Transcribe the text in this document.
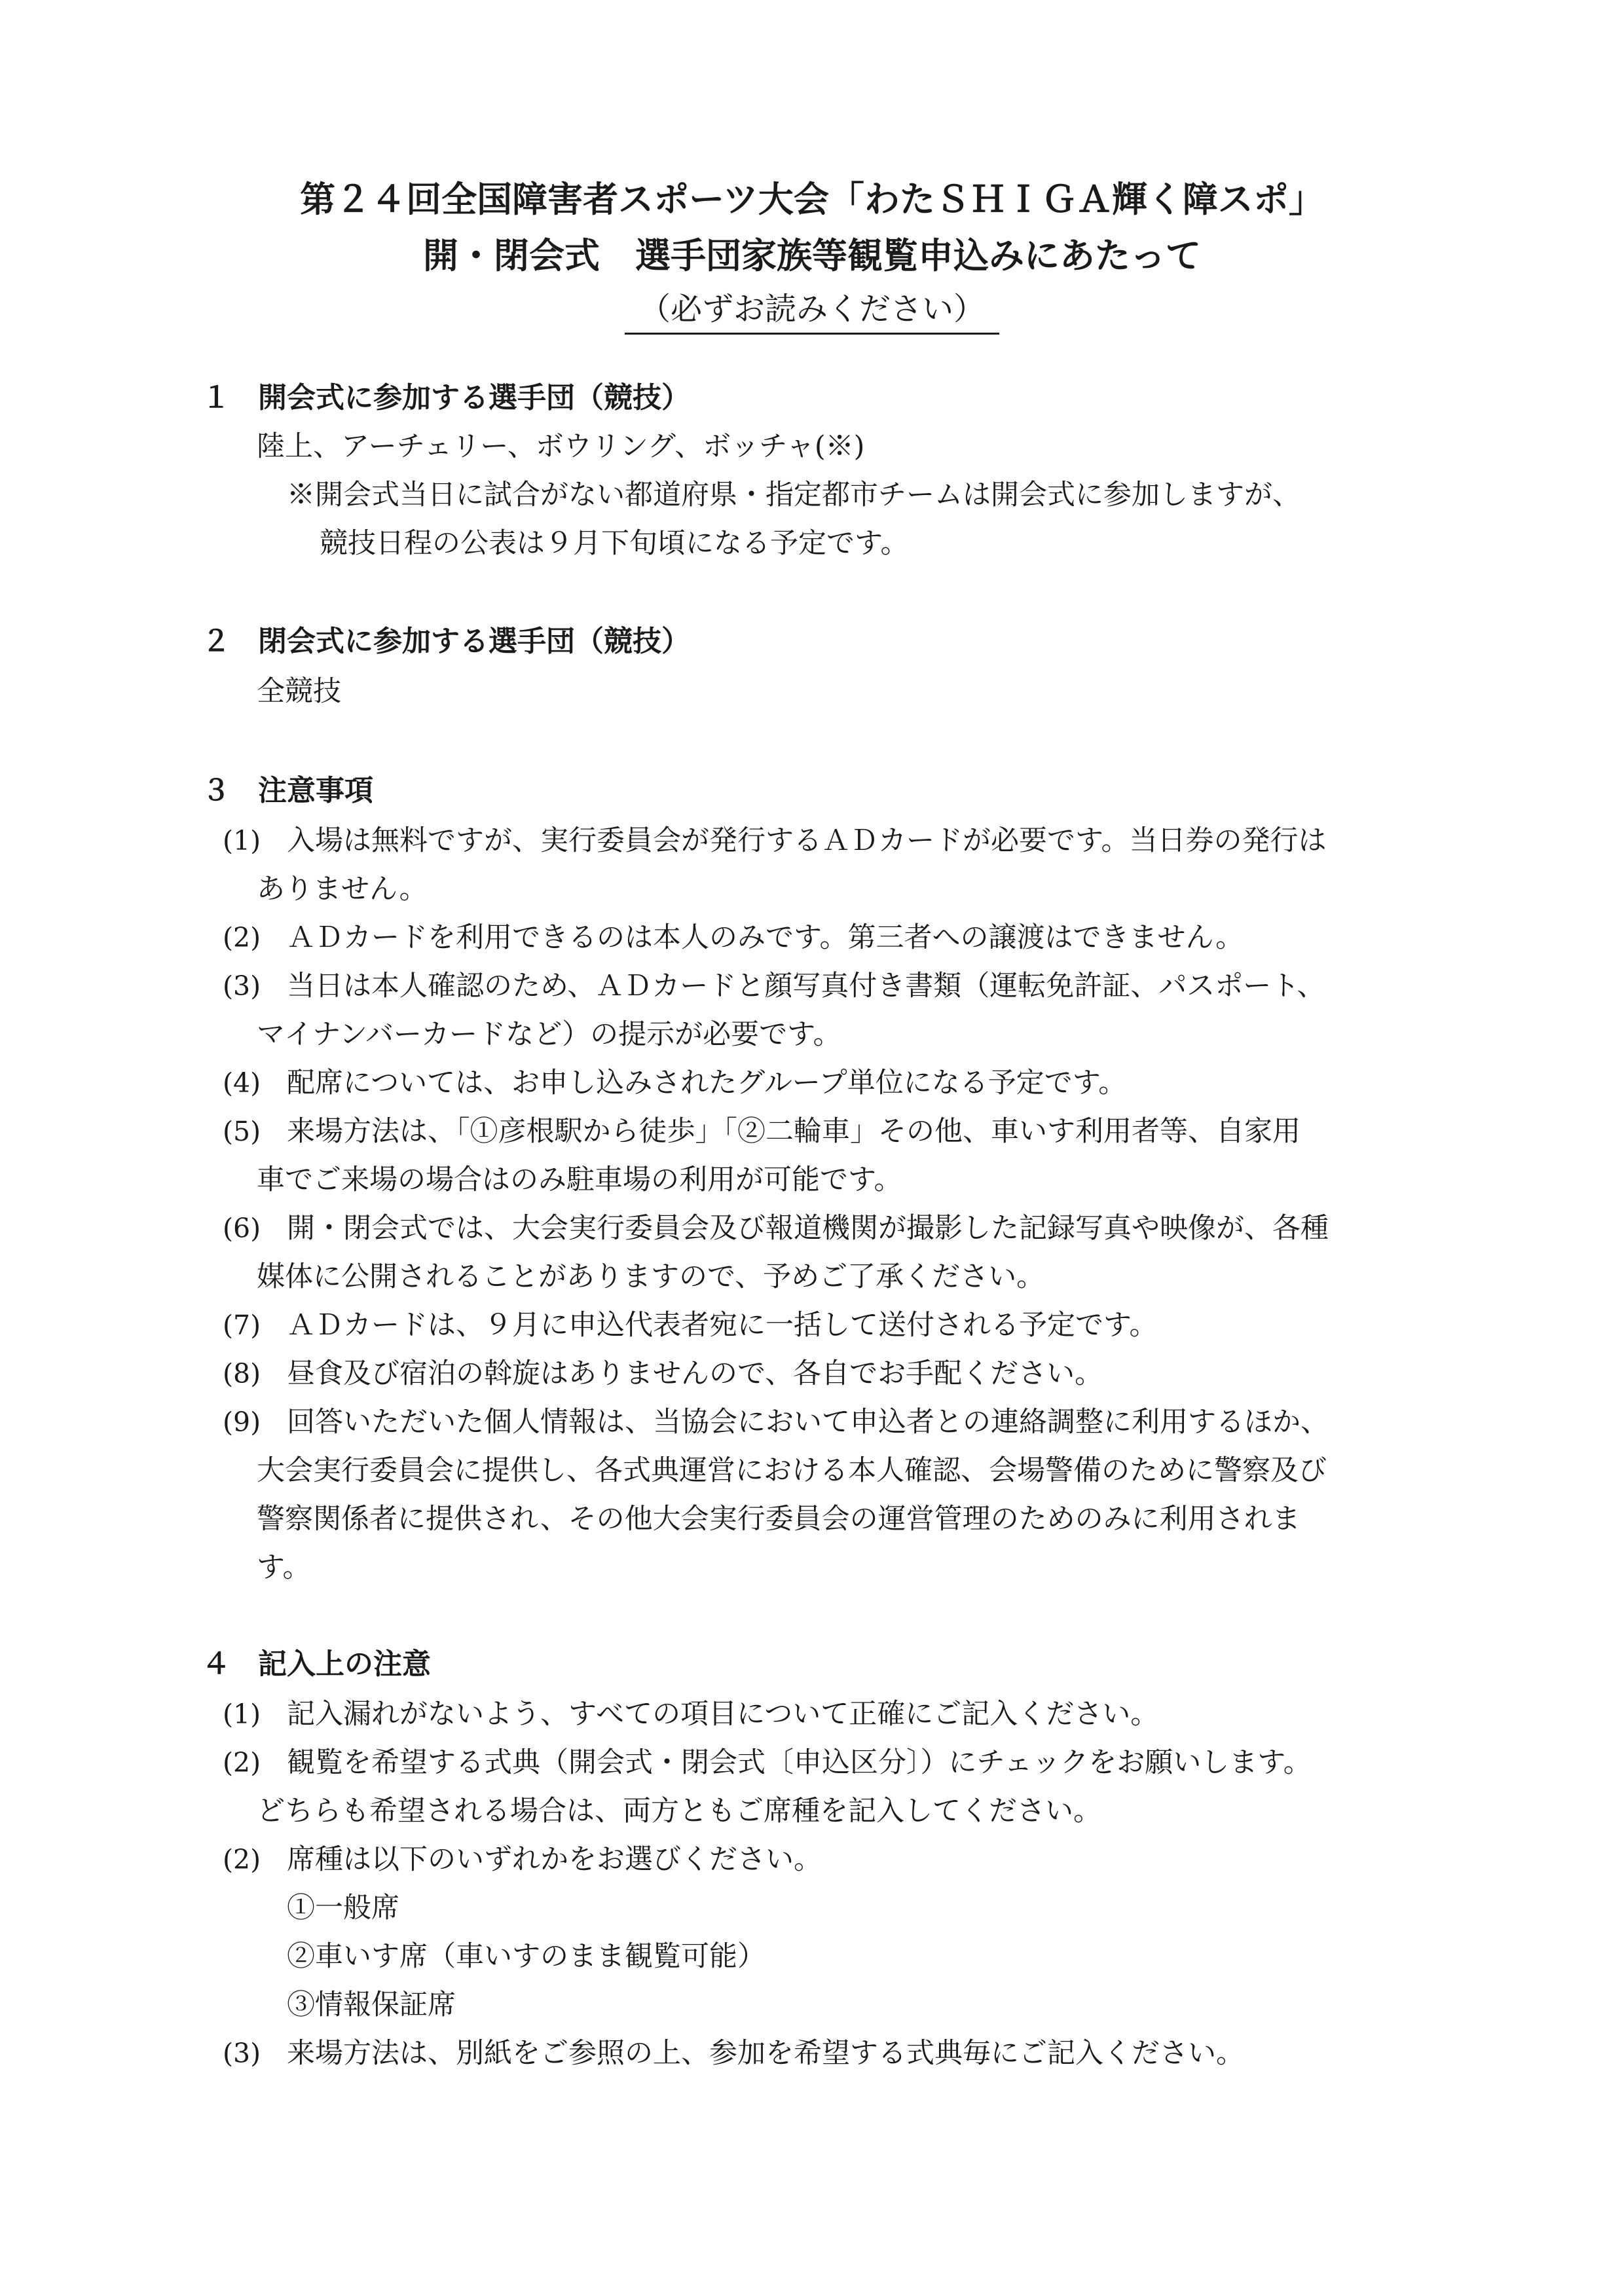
第２４回全国障害者スポーツ大会「わたＳＨＩＧＡ輝く障スポ」
開・閉会式　選手団家族等観覧申込みにあたって
（必ずお読みください）
１ 開会式に参加する選手団（競技）
陸上、アーチェリー、ボウリング、ボッチャ(※)
※開会式当日に試合がない都道府県・指定都市チームは開会式に参加しますが、
競技日程の公表は９月下旬頃になる予定です。
２ 閉会式に参加する選手団（競技）
全競技
３ 注意事項
(1) 入場は無料ですが、実行委員会が発行するＡＤカードが必要です。当日券の発行は
ありません。
(2) ＡＤカードを利用できるのは本人のみです。第三者への譲渡はできません。
(3) 当日は本人確認のため、ＡＤカードと顔写真付き書類（運転免許証、パスポート、
マイナンバーカードなど）の提示が必要です。
(4) 配席については、お申し込みされたグループ単位になる予定です。
(5) 来場方法は、「①彦根駅から徒歩」「②二輪車」その他、車いす利用者等、自家用
車でご来場の場合はのみ駐車場の利用が可能です。
(6) 開・閉会式では、大会実行委員会及び報道機関が撮影した記録写真や映像が、各種
媒体に公開されることがありますので、予めご了承ください。
(7) ＡＤカードは、９月に申込代表者宛に一括して送付される予定です。
(8) 昼食及び宿泊の斡旋はありませんので、各自でお手配ください。
(9) 回答いただいた個人情報は、当協会において申込者との連絡調整に利用するほか、
大会実行委員会に提供し、各式典運営における本人確認、会場警備のために警察及び
警察関係者に提供され、その他大会実行委員会の運営管理のためのみに利用されま
す。
４ 記入上の注意
(1) 記入漏れがないよう、すべての項目について正確にご記入ください。
(2) 観覧を希望する式典（開会式・閉会式〔申込区分〕）にチェックをお願いします。
どちらも希望される場合は、両方ともご席種を記入してください。
(2) 席種は以下のいずれかをお選びください。
①一般席
②車いす席（車いすのまま観覧可能）
③情報保証席
(3) 来場方法は、別紙をご参照の上、参加を希望する式典毎にご記入ください。
